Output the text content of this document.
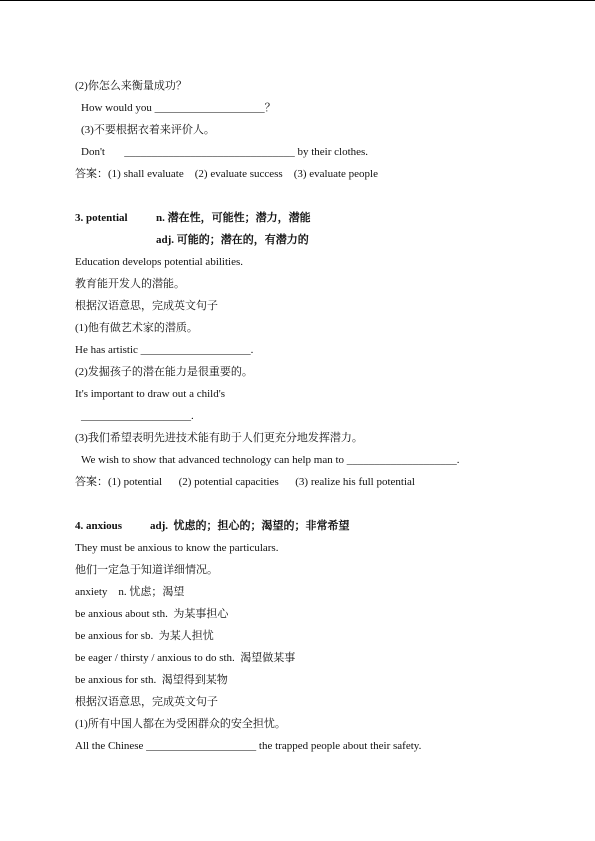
(2)你怎么来衡量成功？
How would you ____________________？
(3)不要根据衣着来评价人。
Don't       _______________________________ by their clothes.
答案：(1) shall evaluate    (2) evaluate success    (3) evaluate people
3. potential	n. 潜在性，可能性；潜力，潜能
adj. 可能的；潜在的，有潜力的
Education develops potential abilities.
教育能开发人的潜能。
根据汉语意思，完成英文句子
(1)他有做艺术家的潜质。
He has artistic ____________________.
(2)发掘孩子的潜在能力是很重要的。
It's important to draw out a child's
____________________.
(3)我们希望表明先进技术能有助于人们更充分地发挥潜力。
We wish to show that advanced technology can help man to ____________________.
答案：(1) potential      (2) potential capacities      (3) realize his full potential
4. anxious	adj.  忧虑的；担心的；渴望的；非常希望
They must be anxious to know the particulars.
他们一定急于知道详细情况。
anxiety    n. 忧虑；渴望
be anxious about sth.  为某事担心
be anxious for sb.  为某人担忧
be eager / thirsty / anxious to do sth.  渴望做某事
be anxious for sth.  渴望得到某物
根据汉语意思，完成英文句子
(1)所有中国人都在为受困群众的安全担忧。
All the Chinese ____________________ the trapped people about their safety.
